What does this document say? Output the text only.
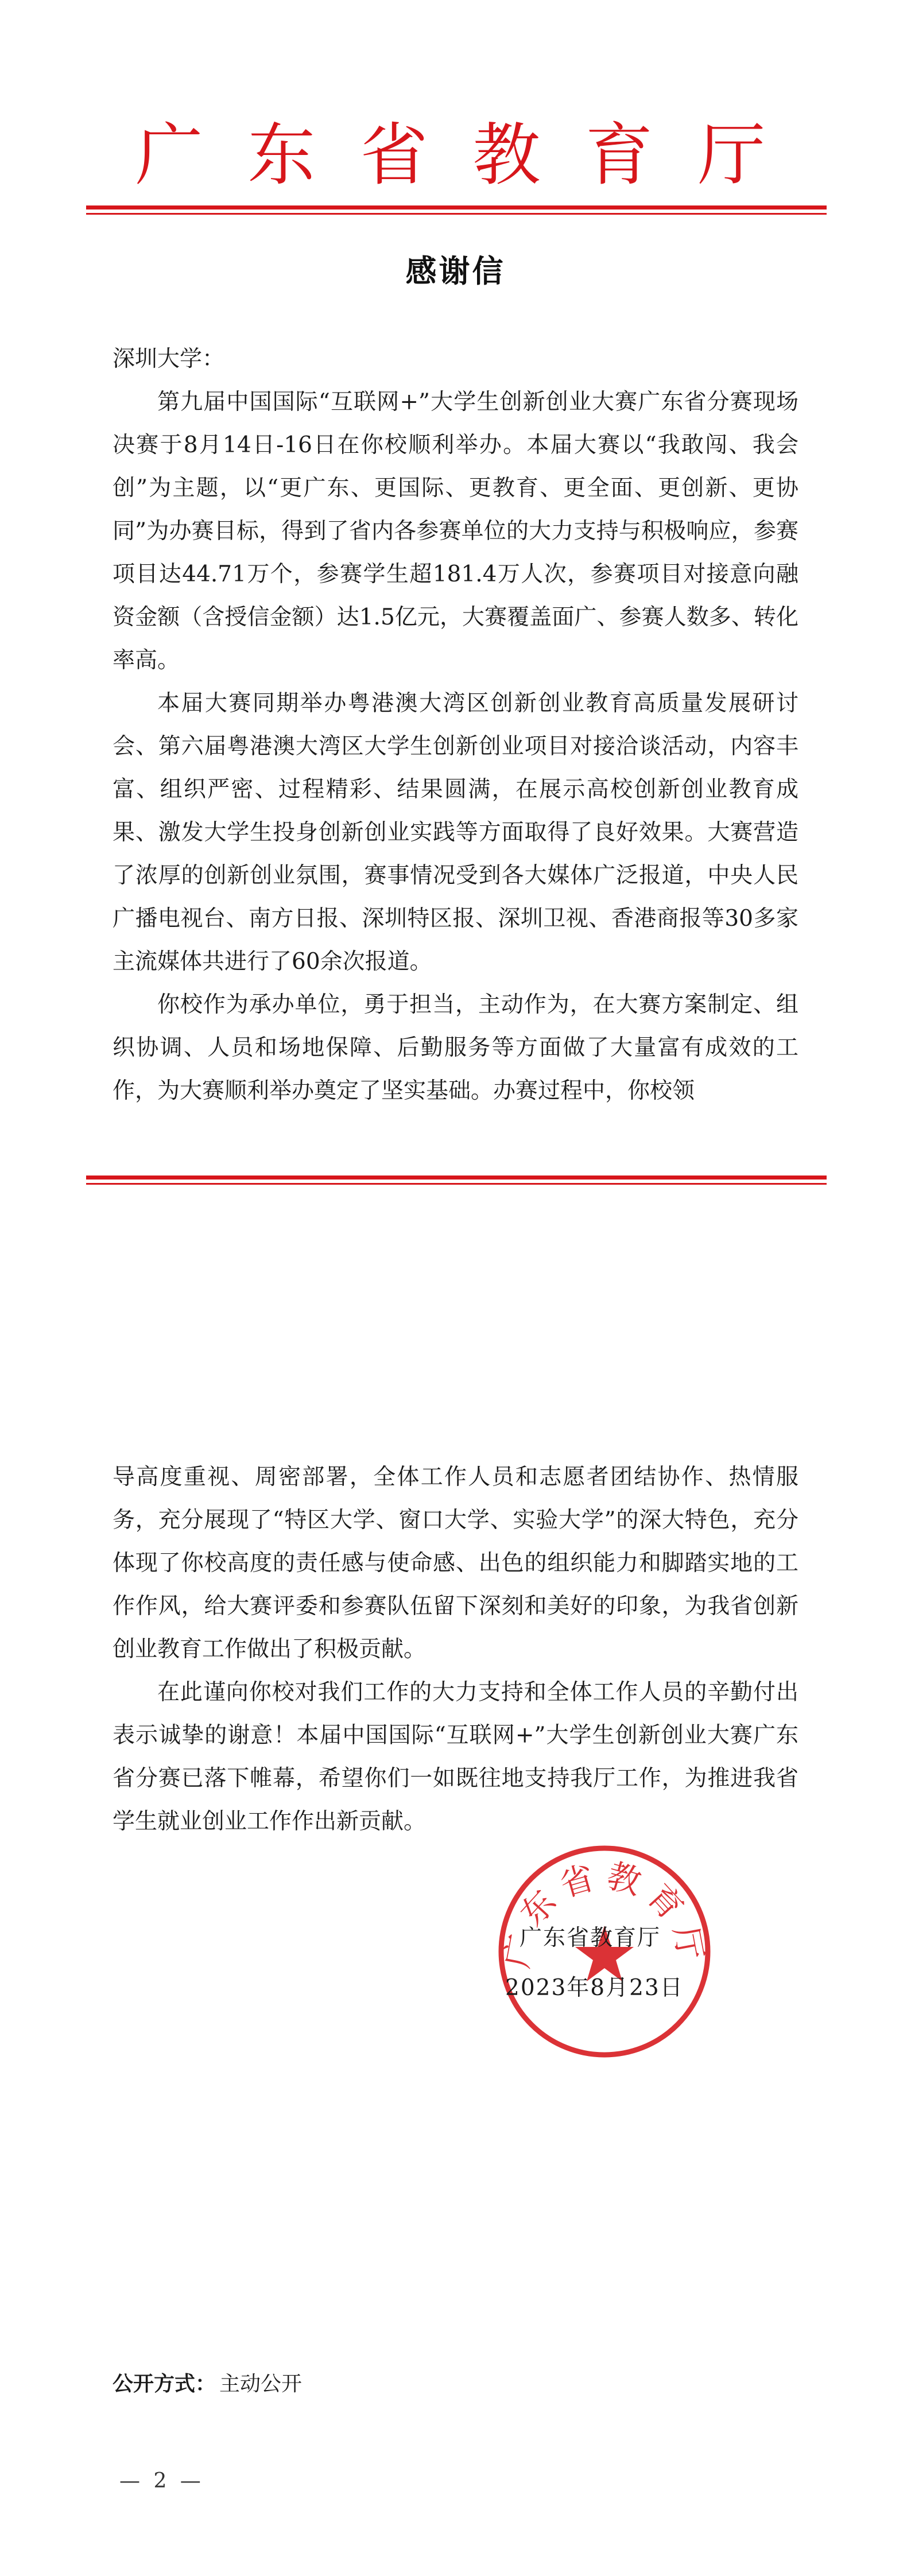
广东省教育厅
感谢信
深圳大学：

第九届中国国际“互联网+”大学生创新创业大赛广东省分赛现场决赛于8月14日-16日在你校顺利举办。本届大赛以“我敢闯、我会创”为主题，以“更广东、更国际、更教育、更全面、更创新、更协同”为办赛目标，得到了省内各参赛单位的大力支持与积极响应，参赛项目达44.71万个，参赛学生超181.4万人次，参赛项目对接意向融资金额（含授信金额）达1.5亿元，大赛覆盖面广、参赛人数多、转化率高。

本届大赛同期举办粤港澳大湾区创新创业教育高质量发展研讨会、第六届粤港澳大湾区大学生创新创业项目对接洽谈活动，内容丰富、组织严密、过程精彩、结果圆满，在展示高校创新创业教育成果、激发大学生投身创新创业实践等方面取得了良好效果。大赛营造了浓厚的创新创业氛围，赛事情况受到各大媒体广泛报道，中央人民广播电视台、南方日报、深圳特区报、深圳卫视、香港商报等30多家主流媒体共进行了60余次报道。

你校作为承办单位，勇于担当，主动作为，在大赛方案制定、组织协调、人员和场地保障、后勤服务等方面做了大量富有成效的工作，为大赛顺利举办奠定了坚实基础。办赛过程中，你校领

导高度重视、周密部署，全体工作人员和志愿者团结协作、热情服务，充分展现了“特区大学、窗口大学、实验大学”的深大特色，充分体现了你校高度的责任感与使命感、出色的组织能力和脚踏实地的工作作风，给大赛评委和参赛队伍留下深刻和美好的印象，为我省创新创业教育工作做出了积极贡献。

在此谨向你校对我们工作的大力支持和全体工作人员的辛勤付出表示诚挚的谢意！本届中国国际“互联网+”大学生创新创业大赛广东省分赛已落下帷幕，希望你们一如既往地支持我厅工作，为推进我省学生就业创业工作作出新贡献。

广东省教育厅
广东省教育厅
2023年8月23日
公开方式： 主动公开
— 2 —
